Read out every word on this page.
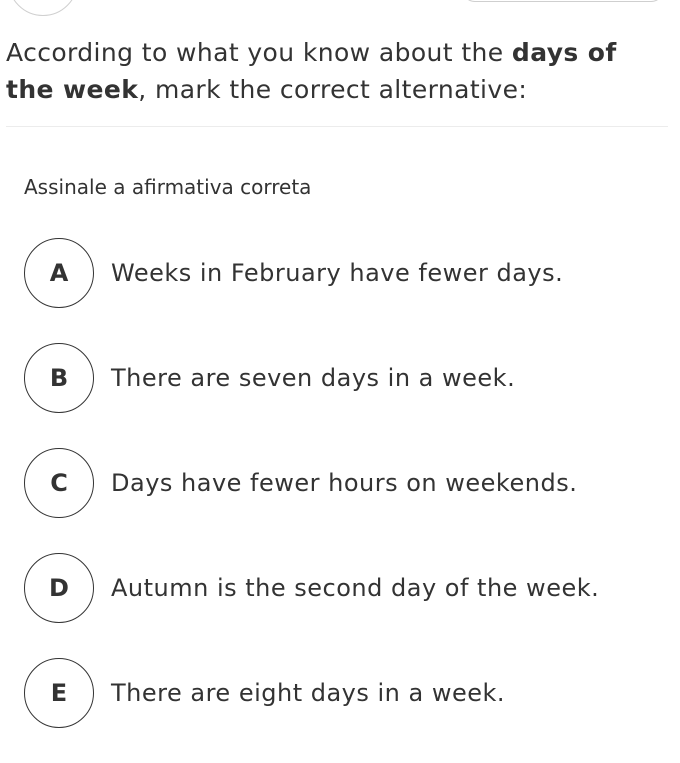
According to what you know about the days of the week, mark the correct alternative:

Assinale a afirmativa correta
A	Weeks in February have fewer days.
B	There are seven days in a week.
C	Days have fewer hours on weekends.
D	Autumn is the second day of the week.
E	There are eight days in a week.
